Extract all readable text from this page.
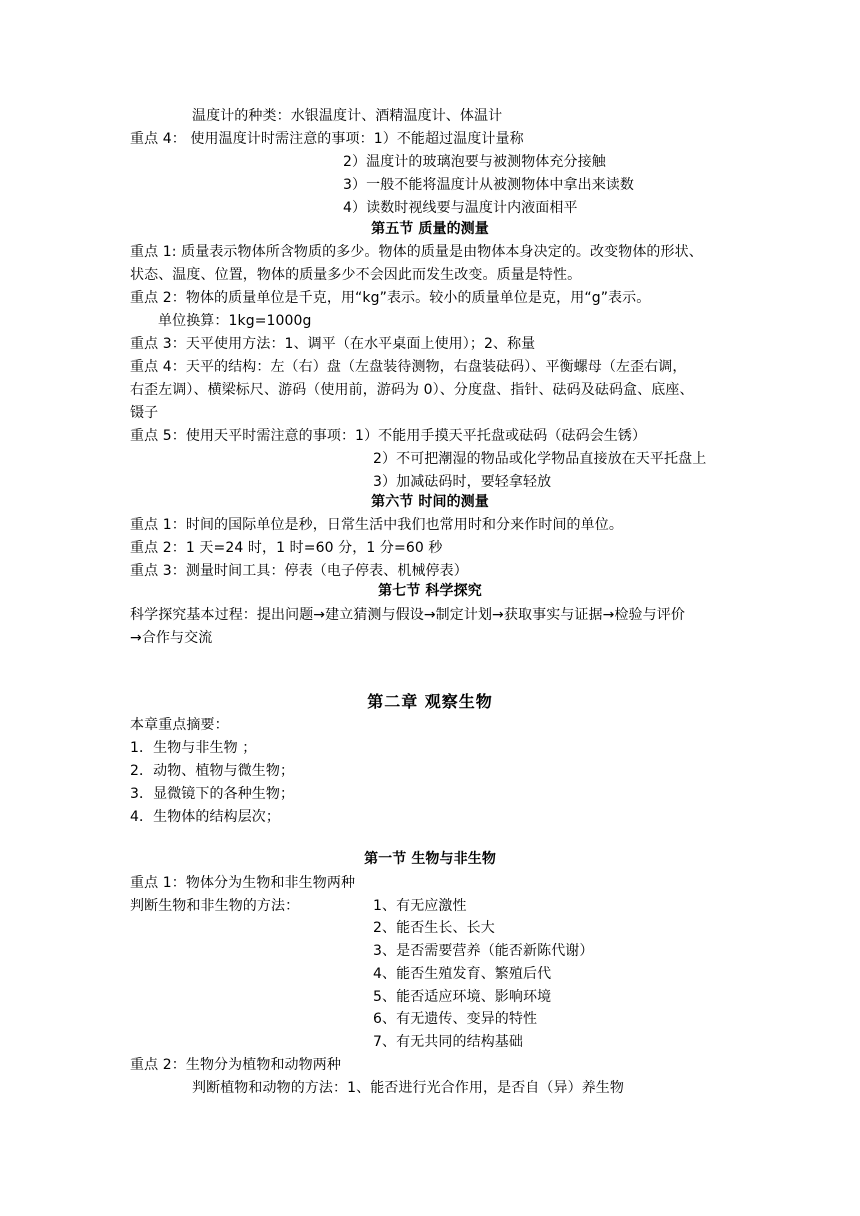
温度计的种类：水银温度计、酒精温度计、体温计
重点 4： 使用温度计时需注意的事项：1）不能超过温度计量称
2）温度计的玻璃泡要与被测物体充分接触
3）一般不能将温度计从被测物体中拿出来读数
4）读数时视线要与温度计内液面相平
第五节 质量的测量
重点 1: 质量表示物体所含物质的多少。物体的质量是由物体本身决定的。改变物体的形状、
状态、温度、位置，物体的质量多少不会因此而发生改变。质量是特性。
重点 2：物体的质量单位是千克，用“kg”表示。较小的质量单位是克，用“g”表示。
单位换算：1kg=1000g
重点 3：天平使用方法：1、调平（在水平桌面上使用）；2、称量
重点 4：天平的结构：左（右）盘（左盘装待测物，右盘装砝码）、平衡螺母（左歪右调，
右歪左调）、横梁标尺、游码（使用前，游码为 0）、分度盘、指针、砝码及砝码盒、底座、
镊子
重点 5：使用天平时需注意的事项：1）不能用手摸天平托盘或砝码（砝码会生锈）
2）不可把潮湿的物品或化学物品直接放在天平托盘上
3）加减砝码时，要轻拿轻放
第六节 时间的测量
重点 1：时间的国际单位是秒，日常生活中我们也常用时和分来作时间的单位。
重点 2：1 天=24 时，1 时=60 分，1 分=60 秒
重点 3：测量时间工具：停表（电子停表、机械停表）
第七节 科学探究
科学探究基本过程：提出问题→建立猜测与假设→制定计划→获取事实与证据→检验与评价
→合作与交流
第二章 观察生物
本章重点摘要：
1．生物与非生物 ；
2．动物、植物与微生物；
3．显微镜下的各种生物；
4．生物体的结构层次；
第一节 生物与非生物
重点 1：物体分为生物和非生物两种
判断生物和非生物的方法：	1、有无应激性
2、能否生长、长大
3、是否需要营养（能否新陈代谢）
4、能否生殖发育、繁殖后代
5、能否适应环境、影响环境
6、有无遗传、变异的特性
7、有无共同的结构基础
重点 2：生物分为植物和动物两种
判断植物和动物的方法：1、能否进行光合作用，是否自（异）养生物
